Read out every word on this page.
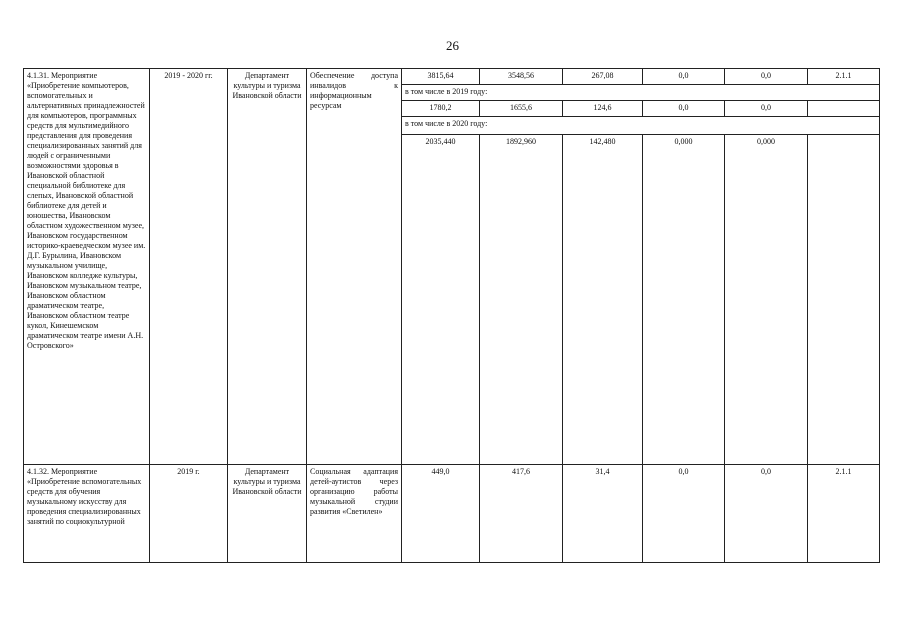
26
4.1.31. Мероприятие «Приобретение компьютеров, вспомогательных и альтернативных принадлежностей для компьютеров, программных средств для мультимедийного представления для проведения специализированных занятий для людей с ограниченными возможностями здоровья в Ивановской областной специальной библиотеке для слепых, Ивановской областной библиотеке для детей и юношества, Ивановском областном художественном музее, Ивановском государственном историко-краеведческом музее им. Д.Г. Бурылина, Ивановском музыкальном училище, Ивановском колледже культуры, Ивановском музыкальном театре, Ивановском областном драматическом театре, Ивановском областном театре кукол, Кинешемском драматическом театре имени А.Н. Островского»	2019 - 2020 гг.	Департамент культуры и туризма Ивановской области	Обеспечение доступа инвалидов к информационным ресурсам	3815,64	3548,56	267,08	0,0	0,0	2.1.1
				в том числе в 2019 году:					
				1780,2	1655,6	124,6	0,0	0,0	
				в том числе в 2020 году:					
				2035,440	1892,960	142,480	0,000	0,000	
4.1.32. Мероприятие «Приобретение вспомогательных средств для обучения музыкальному искусству для проведения специализированных занятий по социокультурной	2019 г.	Департамент культуры и туризма Ивановской области	Социальная адаптация детей-аутистов через организацию работы музыкальной студии развития «Светилен»	449,0	417,6	31,4	0,0	0,0	2.1.1
